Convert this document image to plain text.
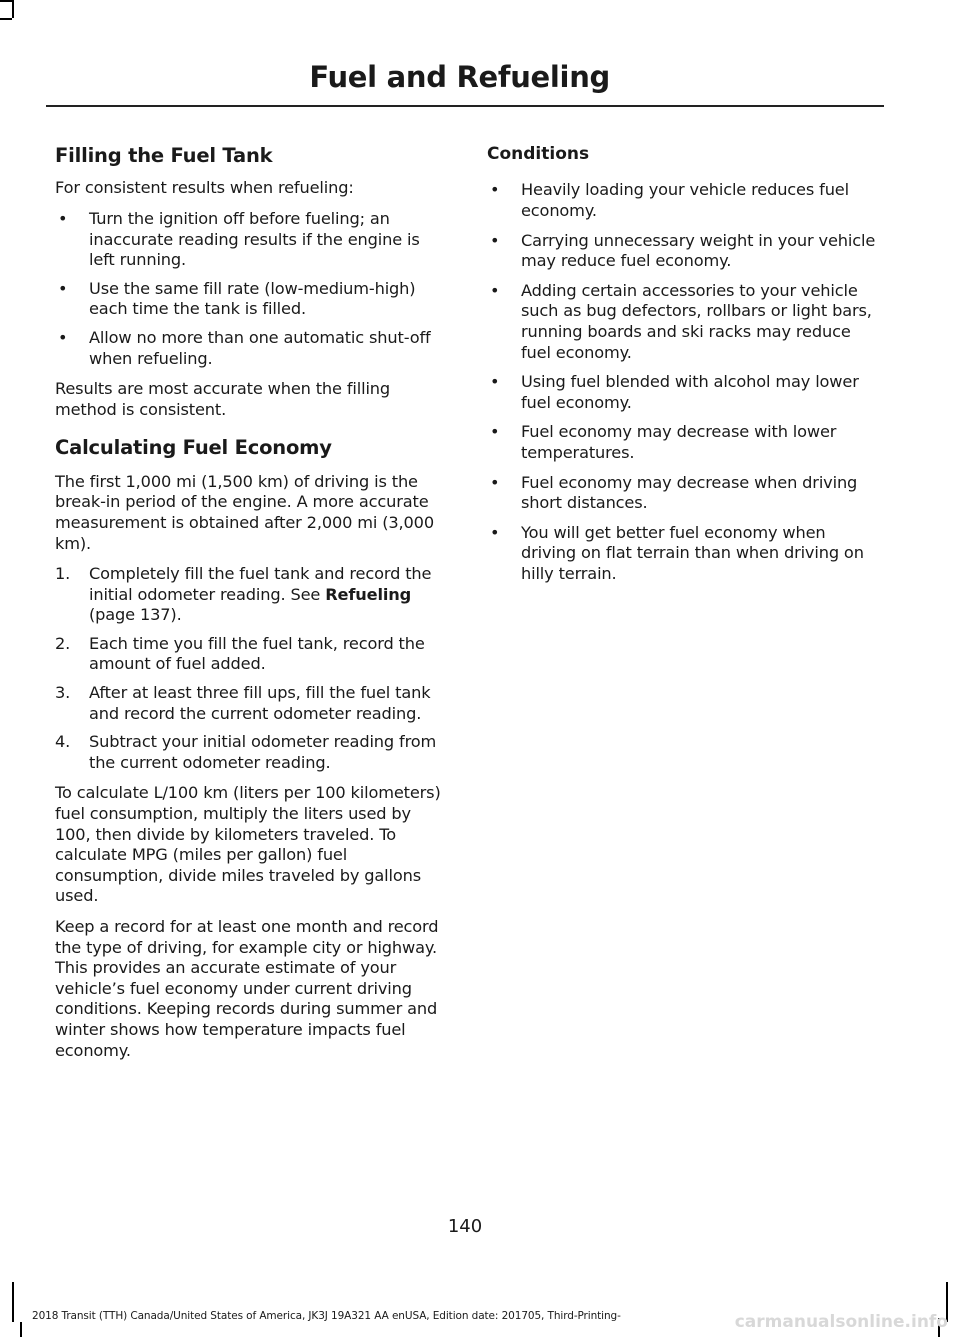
Fuel and Refueling
Filling the Fuel Tank

For consistent results when refueling:

• Turn the ignition off before fueling; an inaccurate reading results if the engine is left running.
• Use the same fill rate (low-medium-high) each time the tank is filled.
• Allow no more than one automatic shut-off when refueling.

Results are most accurate when the filling method is consistent.

Calculating Fuel Economy

The first 1,000 mi (1,500 km) of driving is the break-in period of the engine. A more accurate measurement is obtained after 2,000 mi (3,000 km).

1. Completely fill the fuel tank and record the initial odometer reading. See Refueling (page 137).
2. Each time you fill the fuel tank, record the amount of fuel added.
3. After at least three fill ups, fill the fuel tank and record the current odometer reading.
4. Subtract your initial odometer reading from the current odometer reading.

To calculate L/100 km (liters per 100 kilometers) fuel consumption, multiply the liters used by 100, then divide by kilometers traveled. To calculate MPG (miles per gallon) fuel consumption, divide miles traveled by gallons used.

Keep a record for at least one month and record the type of driving, for example city or highway. This provides an accurate estimate of your vehicle’s fuel economy under current driving conditions. Keeping records during summer and winter shows how temperature impacts fuel economy.

Conditions
• Heavily loading your vehicle reduces fuel economy.
• Carrying unnecessary weight in your vehicle may reduce fuel economy.
• Adding certain accessories to your vehicle such as bug defectors, rollbars or light bars, running boards and ski racks may reduce fuel economy.
• Using fuel blended with alcohol may lower fuel economy.
• Fuel economy may decrease with lower temperatures.
• Fuel economy may decrease when driving short distances.
• You will get better fuel economy when driving on flat terrain than when driving on hilly terrain.
140
2018 Transit (TTH) Canada/United States of America, JK3J 19A321 AA enUSA, Edition date: 201705, Third-Printing-	carmanualsonline.info
